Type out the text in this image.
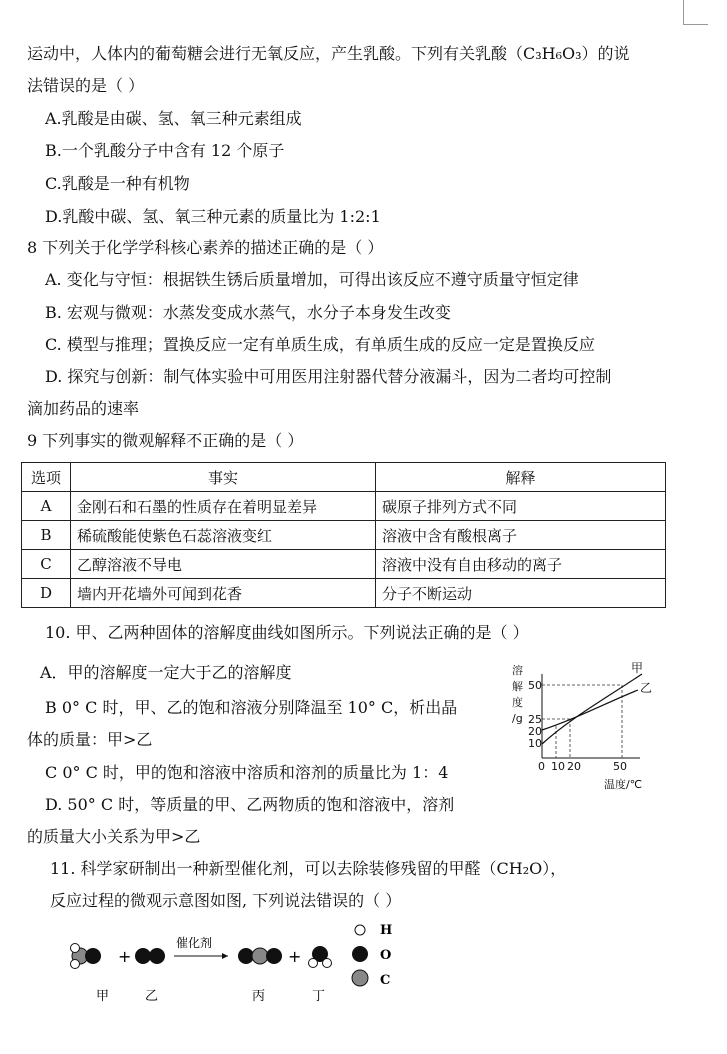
运动中，人体内的葡萄糖会进行无氧反应，产生乳酸。下列有关乳酸（C₃H₆O₃）的说
法错误的是（ ）
A.乳酸是由碳、氢、氧三种元素组成
B.一个乳酸分子中含有 12 个原子
C.乳酸是一种有机物
D.乳酸中碳、氢、氧三种元素的质量比为 1:2:1
8 下列关于化学学科核心素养的描述正确的是（ ）
A. 变化与守恒：根据铁生锈后质量增加，可得出该反应不遵守质量守恒定律
B. 宏观与微观：水蒸发变成水蒸气，水分子本身发生改变
C. 模型与推理；置换反应一定有单质生成，有单质生成的反应一定是置换反应
D. 探究与创新：制气体实验中可用医用注射器代替分液漏斗，因为二者均可控制
滴加药品的速率
9 下列事实的微观解释不正确的是（ ）
选项	事实	解释
A	金刚石和石墨的性质存在着明显差异	碳原子排列方式不同
B	稀硫酸能使紫色石蕊溶液变红	溶液中含有酸根离子
C	乙醇溶液不导电	溶液中没有自由移动的离子
D	墙内开花墙外可闻到花香	分子不断运动
10. 甲、乙两种固体的溶解度曲线如图所示。下列说法正确的是（ ）
A．甲的溶解度一定大于乙的溶解度
B 0° C 时，甲、乙的饱和溶液分别降温至 10° C，析出晶
体的质量：甲>乙
C 0° C 时，甲的饱和溶液中溶质和溶剂的质量比为 1：4
D. 50° C 时，等质量的甲、乙两物质的饱和溶液中，溶剂
的质量大小关系为甲>乙
溶
解
度
/g
50
25
20
10
0 10 20	50
温度/℃
甲
乙
11. 科学家研制出一种新型催化剂，可以去除装修残留的甲醛（CH₂O），
反应过程的微观示意图如图, 下列说法错误的（ ）
+
催化剂
+
甲	乙	丙	丁
H
O
C
